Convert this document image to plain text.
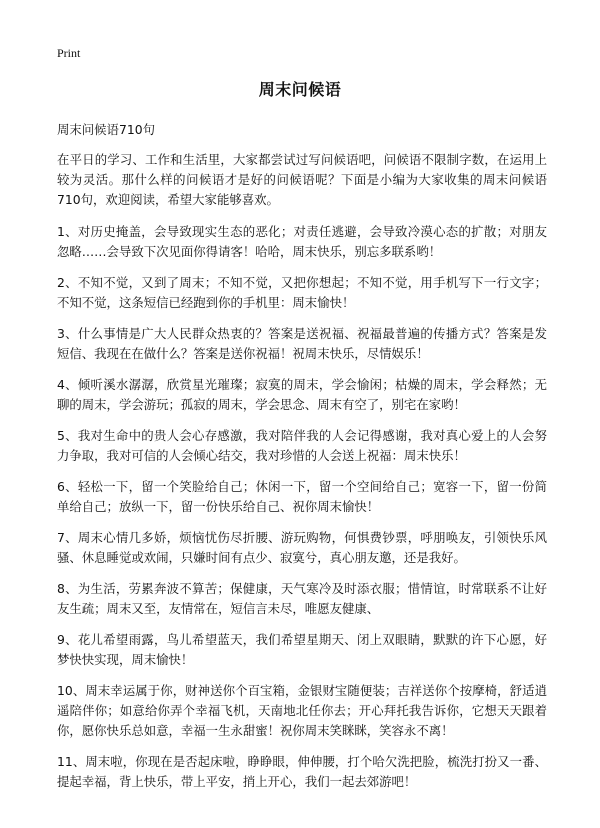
Print
周末问候语

周末问候语710句

在平日的学习、工作和生活里，大家都尝试过写问候语吧，问候语不限制字数，在运用上较为灵活。那什么样的问候语才是好的问候语呢？下面是小编为大家收集的周末问候语710句，欢迎阅读，希望大家能够喜欢。

1、对历史掩盖，会导致现实生态的恶化；对责任逃避，会导致冷漠心态的扩散；对朋友忽略……会导致下次见面你得请客！哈哈，周末快乐，别忘多联系哟！

2、不知不觉，又到了周末；不知不觉，又把你想起；不知不觉，用手机写下一行文字；不知不觉，这条短信已经跑到你的手机里：周末愉快！

3、什么事情是广大人民群众热衷的？答案是送祝福、祝福最普遍的传播方式？答案是发短信、我现在在做什么？答案是送你祝福！祝周末快乐，尽情娱乐！

4、倾听溪水潺潺，欣赏星光璀璨；寂寞的周末，学会愉闲；枯燥的周末，学会释然；无聊的周末，学会游玩；孤寂的周末，学会思念、周末有空了，别宅在家哟！

5、我对生命中的贵人会心存感激，我对陪伴我的人会记得感谢，我对真心爱上的人会努力争取，我对可信的人会倾心结交，我对珍惜的人会送上祝福：周末快乐！

6、轻松一下，留一个笑脸给自己；休闲一下，留一个空间给自己；宽容一下，留一份简单给自己；放纵一下，留一份快乐给自己、祝你周末愉快！

7、周末心情几多娇，烦恼忧伤尽折腰、游玩购物，何惧费钞票，呼朋唤友，引领快乐风骚、休息睡觉或欢闹，只嫌时间有点少、寂寞兮，真心朋友邀，还是我好。

8、为生活，劳累奔波不算苦；保健康，天气寒冷及时添衣服；惜情谊，时常联系不让好友生疏；周末又至，友情常在，短信言未尽，唯愿友健康、

9、花儿希望雨露，鸟儿希望蓝天，我们希望星期天、闭上双眼睛，默默的许下心愿，好梦快快实现，周末愉快！

10、周末幸运属于你，财神送你个百宝箱，金银财宝随便装；吉祥送你个按摩椅，舒适逍遥陪伴你；如意给你弄个幸福飞机，天南地北任你去；开心拜托我告诉你，它想天天跟着你，愿你快乐总如意，幸福一生永甜蜜！祝你周末笑眯眯，笑容永不离！

11、周末啦，你现在是否起床啦，睁睁眼，伸伸腰，打个哈欠洗把脸，梳洗打扮又一番、提起幸福，背上快乐，带上平安，捎上开心，我们一起去郊游吧！
